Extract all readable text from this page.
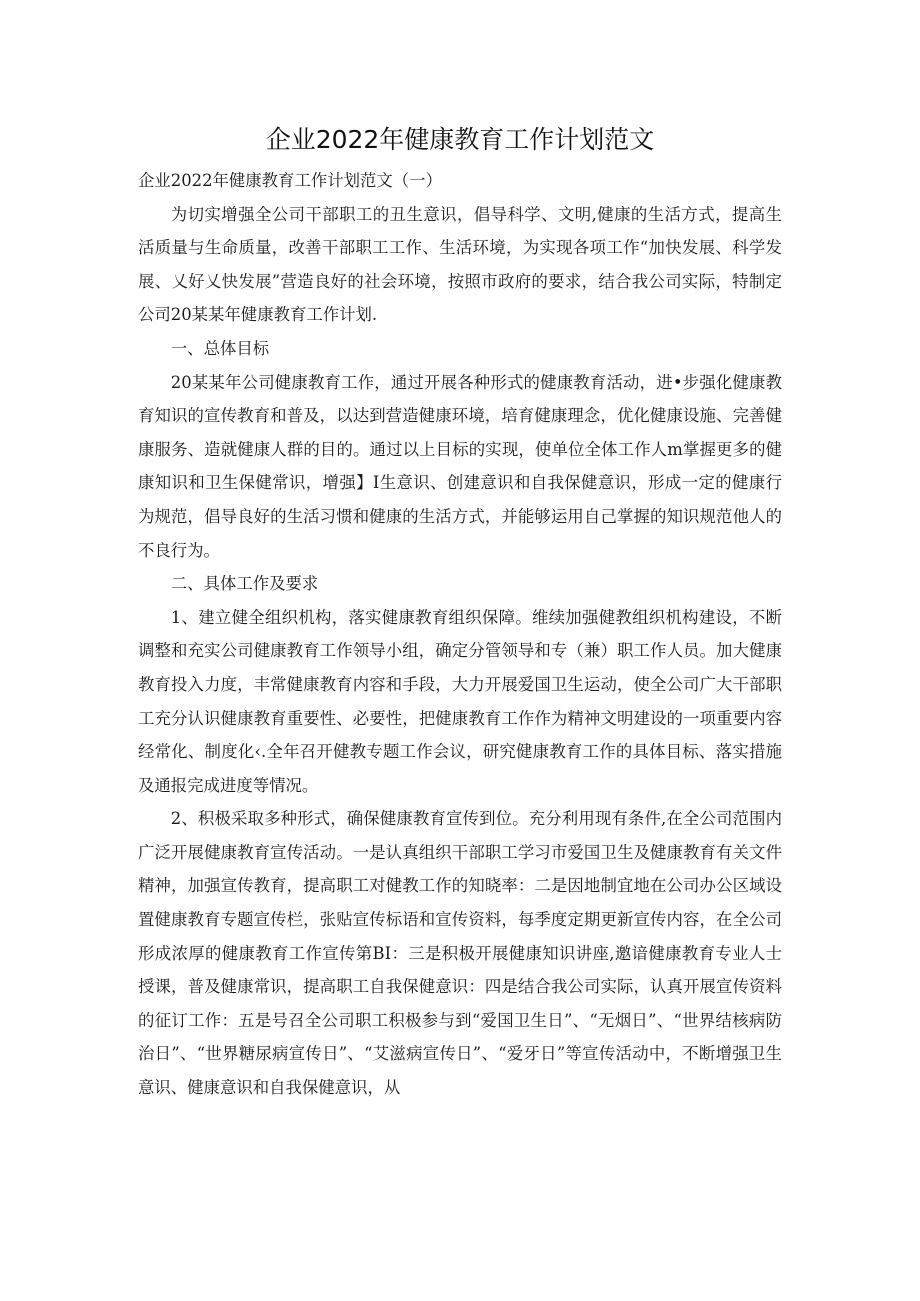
企业2022年健康教育工作计划范文

企业2022年健康教育工作计划范文（一）

为切实增强全公司干部职工的丑生意识，倡导科学、文明,健康的生活方式，提高生活质量与生命质量，改善干部职工工作、生活环境，为实现各项工作“加快发展、科学发展、乂好乂快发展”营造良好的社会环境，按照市政府的要求，结合我公司实际，特制定公司20某某年健康教育工作计划.

一、总体目标

20某某年公司健康教育工作，通过开展各种形式的健康教育活动，进•步强化健康教育知识的宣传教育和普及，以达到营造健康环境，培育健康理念，优化健康设施、完善健康服务、造就健康人群的目的。通过以上目标的实现，使单位全体工作人m掌握更多的健康知识和卫生保健常识，增强】I生意识、创建意识和自我保健意识，形成一定的健康行为规范，倡导良好的生活习惯和健康的生活方式，并能够运用自己掌握的知识规范他人的不良行为。

二、具体工作及要求

1、建立健全组织机构，落实健康教育组织保障。维续加强健教组织机构建设，不断调整和充实公司健康教育工作领导小组，确定分管领导和专（兼）职工作人员。加大健康教育投入力度，丰常健康教育内容和手段，大力开展爱国卫生运动，使全公司广大干部职工充分认识健康教育重要性、必要性，把健康教育工作作为精神文明建设的一项重要内容经常化、制度化‹.全年召开健教专题工作会议，研究健康教育工作的具体目标、落实措施及通报完成进度等情况。

2、积极采取多种形式，确保健康教育宣传到位。充分利用现有条件,在全公司范围内广泛开展健康教育宣传活动。一是认真组织干部职工学习市爱国卫生及健康教育有关文件精神，加强宣传教育，提高职工对健教工作的知晓率：二是因地制宜地在公司办公区域设置健康教育专题宣传栏，张贴宣传标语和宣传资料，每季度定期更新宣传内容，在全公司形成浓厚的健康教育工作宣传第BI：三是积极开展健康知识讲座,邀谙健康教育专业人士授课，普及健康常识，提高职工自我保健意识：四是结合我公司实际，认真开展宣传资料的征订工作：五是号召全公司职工积极参与到“爱国卫生日”、“无烟日”、“世界结核病防治日”、“世界糖尿病宣传日”、“艾滋病宣传日”、“爱牙日”等宣传活动中，不断增强卫生意识、健康意识和自我保健意识，从
